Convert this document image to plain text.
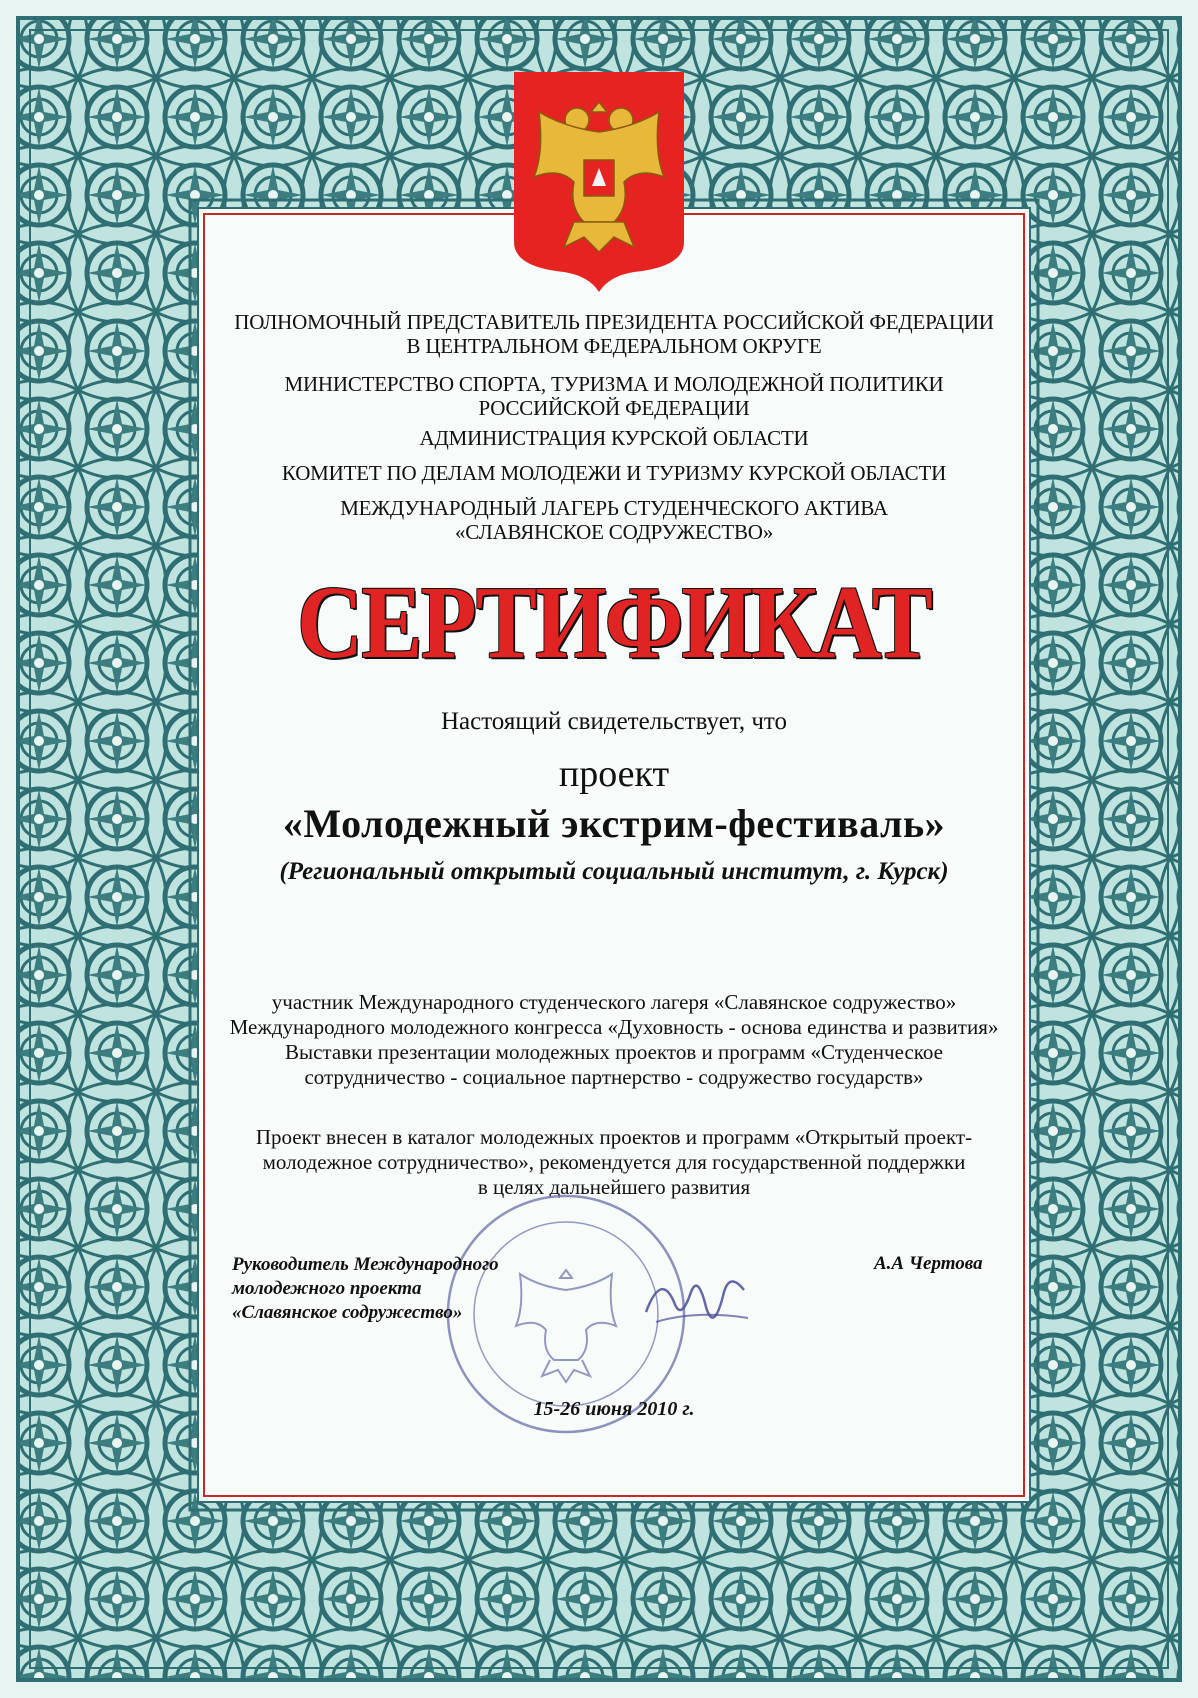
ПОЛНОМОЧНЫЙ ПРЕДСТАВИТЕЛЬ ПРЕЗИДЕНТА РОССИЙСКОЙ ФЕДЕРАЦИИ
В ЦЕНТРАЛЬНОМ ФЕДЕРАЛЬНОМ ОКРУГЕ
МИНИСТЕРСТВО СПОРТА, ТУРИЗМА И МОЛОДЕЖНОЙ ПОЛИТИКИ
РОССИЙСКОЙ ФЕДЕРАЦИИ
АДМИНИСТРАЦИЯ КУРСКОЙ ОБЛАСТИ
КОМИТЕТ ПО ДЕЛАМ МОЛОДЕЖИ И ТУРИЗМУ КУРСКОЙ ОБЛАСТИ
МЕЖДУНАРОДНЫЙ ЛАГЕРЬ СТУДЕНЧЕСКОГО АКТИВА
«СЛАВЯНСКОЕ СОДРУЖЕСТВО»
СЕРТИФИКАТ
Настоящий свидетельствует, что
проект
«Молодежный экстрим-фестиваль»
(Региональный открытый социальный институт, г. Курск)
участник Международного студенческого лагеря «Славянское содружество»
Международного молодежного конгресса «Духовность - основа единства и развития»
Выставки презентации молодежных проектов и программ «Студенческое
сотрудничество - социальное партнерство - содружество государств»
Проект внесен в каталог молодежных проектов и программ «Открытый проект-
молодежное сотрудничество», рекомендуется для государственной поддержки
в целях дальнейшего развития
Руководитель Международного
молодежного проекта
«Славянское содружество»
А.А Чертова
15-26 июня 2010 г.
